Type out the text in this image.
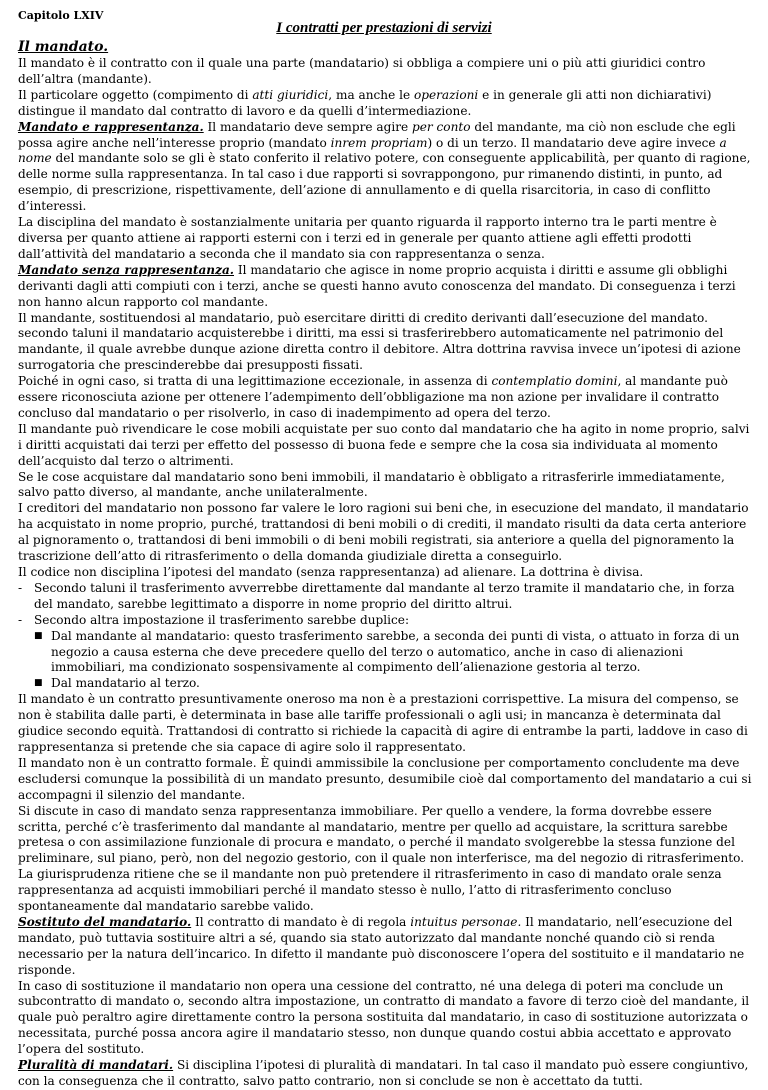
I contratti per prestazioni di servizi
Capitolo LXIV
Il mandato.

Il mandato è il contratto con il quale una parte (mandatario) si obbliga a compiere uni o più atti giuridici contro dell’altra (mandante).
Il particolare oggetto (compimento di atti giuridici, ma anche le operazioni e in generale gli atti non dichiarativi) distingue il mandato dal contratto di lavoro e da quelli d’intermediazione.

Mandato e rappresentanza. Il mandatario deve sempre agire per conto del mandante, ma ciò non esclude che egli possa agire anche nell’interesse proprio (mandato inrem propriam) o di un terzo. Il mandatario deve agire invece a nome del mandante solo se gli è stato conferito il relativo potere, con conseguente applicabilità, per quanto di ragione, delle norme sulla rappresentanza. In tal caso i due rapporti si sovrappongono, pur rimanendo distinti, in punto, ad esempio, di prescrizione, rispettivamente, dell’azione di annullamento e di quella risarcitoria, in caso di conflitto d’interessi.

La disciplina del mandato è sostanzialmente unitaria per quanto riguarda il rapporto interno tra le parti mentre è diversa per quanto attiene ai rapporti esterni con i terzi ed in generale per quanto attiene agli effetti prodotti dall’attività del mandatario a seconda che il mandato sia con rappresentanza o senza.

Mandato senza rappresentanza. Il mandatario che agisce in nome proprio acquista i diritti e assume gli obblighi derivanti dagli atti compiuti con i terzi, anche se questi hanno avuto conoscenza del mandato. Di conseguenza i terzi non hanno alcun rapporto col mandante.

Il mandante, sostituendosi al mandatario, può esercitare diritti di credito derivanti dall’esecuzione del mandato. secondo taluni il mandatario acquisterebbe i diritti, ma essi si trasferirebbero automaticamente nel patrimonio del mandante, il quale avrebbe dunque azione diretta contro il debitore. Altra dottrina ravvisa invece un’ipotesi di azione surrogatoria che prescinderebbe dai presupposti fissati.

Poiché in ogni caso, si tratta di una legittimazione eccezionale, in assenza di contemplatio domini, al mandante può essere riconosciuta azione per ottenere l’adempimento dell’obbligazione ma non azione per invalidare il contratto concluso dal mandatario o per risolverlo, in caso di inadempimento ad opera del terzo.

Il mandante può rivendicare le cose mobili acquistate per suo conto dal mandatario che ha agito in nome proprio, salvi i diritti acquistati dai terzi per effetto del possesso di buona fede e sempre che la cosa sia individuata al momento dell’acquisto dal terzo o altrimenti.

Se le cose acquistare dal mandatario sono beni immobili, il mandatario è obbligato a ritrasferirle immediatamente, salvo patto diverso, al mandante, anche unilateralmente.

I creditori del mandatario non possono far valere le loro ragioni sui beni che, in esecuzione del mandato, il mandatario ha acquistato in nome proprio, purché, trattandosi di beni mobili o di crediti, il mandato risulti da data certa anteriore al pignoramento o, trattandosi di beni immobili o di beni mobili registrati, sia anteriore a quella del pignoramento la trascrizione dell’atto di ritrasferimento o della domanda giudiziale diretta a conseguirlo.

Il codice non disciplina l’ipotesi del mandato (senza rappresentanza) ad alienare. La dottrina è divisa.

- Secondo taluni il trasferimento avverrebbe direttamente dal mandante al terzo tramite il mandatario che, in forza del mandato, sarebbe legittimato a disporre in nome proprio del diritto altrui.
- Secondo altra impostazione il trasferimento sarebbe duplice:
■ Dal mandante al mandatario: questo trasferimento sarebbe, a seconda dei punti di vista, o attuato in forza di un negozio a causa esterna che deve precedere quello del terzo o automatico, anche in caso di alienazioni immobiliari, ma condizionato sospensivamente al compimento dell’alienazione gestoria al terzo.
■ Dal mandatario al terzo.

Il mandato è un contratto presuntivamente oneroso ma non è a prestazioni corrispettive. La misura del compenso, se non è stabilita dalle parti, è determinata in base alle tariffe professionali o agli usi; in mancanza è determinata dal giudice secondo equità. Trattandosi di contratto si richiede la capacità di agire di entrambe la parti, laddove in caso di rappresentanza si pretende che sia capace di agire solo il rappresentato.

Il mandato non è un contratto formale. È quindi ammissibile la conclusione per comportamento concludente ma deve escludersi comunque la possibilità di un mandato presunto, desumibile cioè dal comportamento del mandatario a cui si accompagni il silenzio del mandante.

Si discute in caso di mandato senza rappresentanza immobiliare. Per quello a vendere, la forma dovrebbe essere scritta, perché c’è trasferimento dal mandante al mandatario, mentre per quello ad acquistare, la scrittura sarebbe pretesa o con assimilazione funzionale di procura e mandato, o perché il mandato svolgerebbe la stessa funzione del preliminare, sul piano, però, non del negozio gestorio, con il quale non interferisce, ma del negozio di ritrasferimento.

La giurisprudenza ritiene che se il mandante non può pretendere il ritrasferimento in caso di mandato orale senza rappresentanza ad acquisti immobiliari perché il mandato stesso è nullo, l’atto di ritrasferimento concluso spontaneamente dal mandatario sarebbe valido.

Sostituto del mandatario. Il contratto di mandato è di regola intuitus personae. Il mandatario, nell’esecuzione del mandato, può tuttavia sostituire altri a sé, quando sia stato autorizzato dal mandante nonché quando ciò si renda necessario per la natura dell’incarico. In difetto il mandante può disconoscere l’opera del sostituito e il mandatario ne risponde.

In caso di sostituzione il mandatario non opera una cessione del contratto, né una delega di poteri ma conclude un subcontratto di mandato o, secondo altra impostazione, un contratto di mandato a favore di terzo cioè del mandante, il quale può peraltro agire direttamente contro la persona sostituita dal mandatario, in caso di sostituzione autorizzata o necessitata, purché possa ancora agire il mandatario stesso, non dunque quando costui abbia accettato e approvato l’opera del sostituto.

Pluralità di mandatari. Si disciplina l’ipotesi di pluralità di mandatari. In tal caso il mandato può essere congiuntivo, con la conseguenza che il contratto, salvo patto contrario, non si conclude se non è accettato da tutti.
